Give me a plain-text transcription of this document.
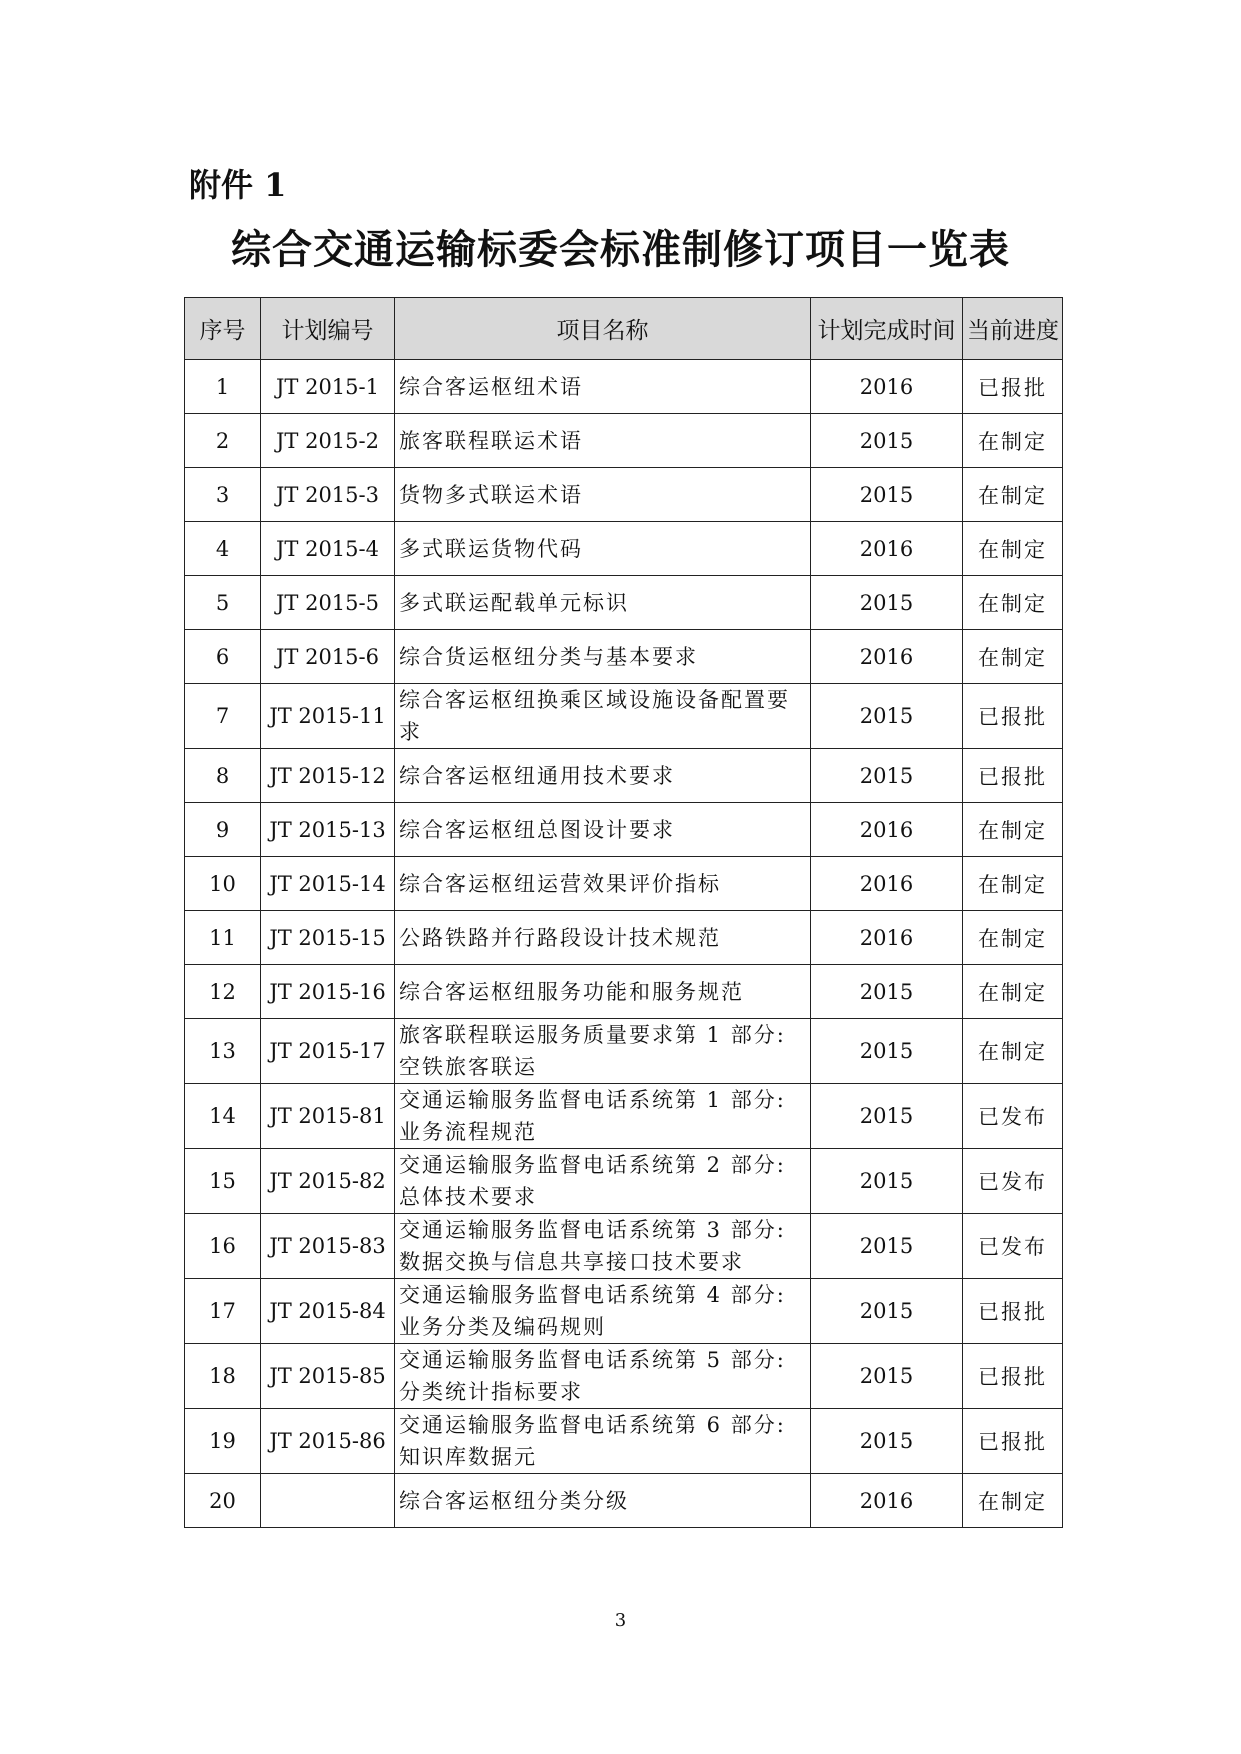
附件 1
综合交通运输标委会标准制修订项目一览表
序号	计划编号	项目名称	计划完成时间	当前进度
1	JT 2015-1	综合客运枢纽术语	2016	已报批
2	JT 2015-2	旅客联程联运术语	2015	在制定
3	JT 2015-3	货物多式联运术语	2015	在制定
4	JT 2015-4	多式联运货物代码	2016	在制定
5	JT 2015-5	多式联运配载单元标识	2015	在制定
6	JT 2015-6	综合货运枢纽分类与基本要求	2016	在制定
7	JT 2015-11	综合客运枢纽换乘区域设施设备配置要求	2015	已报批
8	JT 2015-12	综合客运枢纽通用技术要求	2015	已报批
9	JT 2015-13	综合客运枢纽总图设计要求	2016	在制定
10	JT 2015-14	综合客运枢纽运营效果评价指标	2016	在制定
11	JT 2015-15	公路铁路并行路段设计技术规范	2016	在制定
12	JT 2015-16	综合客运枢纽服务功能和服务规范	2015	在制定
13	JT 2015-17	旅客联程联运服务质量要求第 1 部分: 空铁旅客联运	2015	在制定
14	JT 2015-81	交通运输服务监督电话系统第 1 部分: 业务流程规范	2015	已发布
15	JT 2015-82	交通运输服务监督电话系统第 2 部分: 总体技术要求	2015	已发布
16	JT 2015-83	交通运输服务监督电话系统第 3 部分: 数据交换与信息共享接口技术要求	2015	已发布
17	JT 2015-84	交通运输服务监督电话系统第 4 部分: 业务分类及编码规则	2015	已报批
18	JT 2015-85	交通运输服务监督电话系统第 5 部分: 分类统计指标要求	2015	已报批
19	JT 2015-86	交通运输服务监督电话系统第 6 部分: 知识库数据元	2015	已报批
20		综合客运枢纽分类分级	2016	在制定
3
